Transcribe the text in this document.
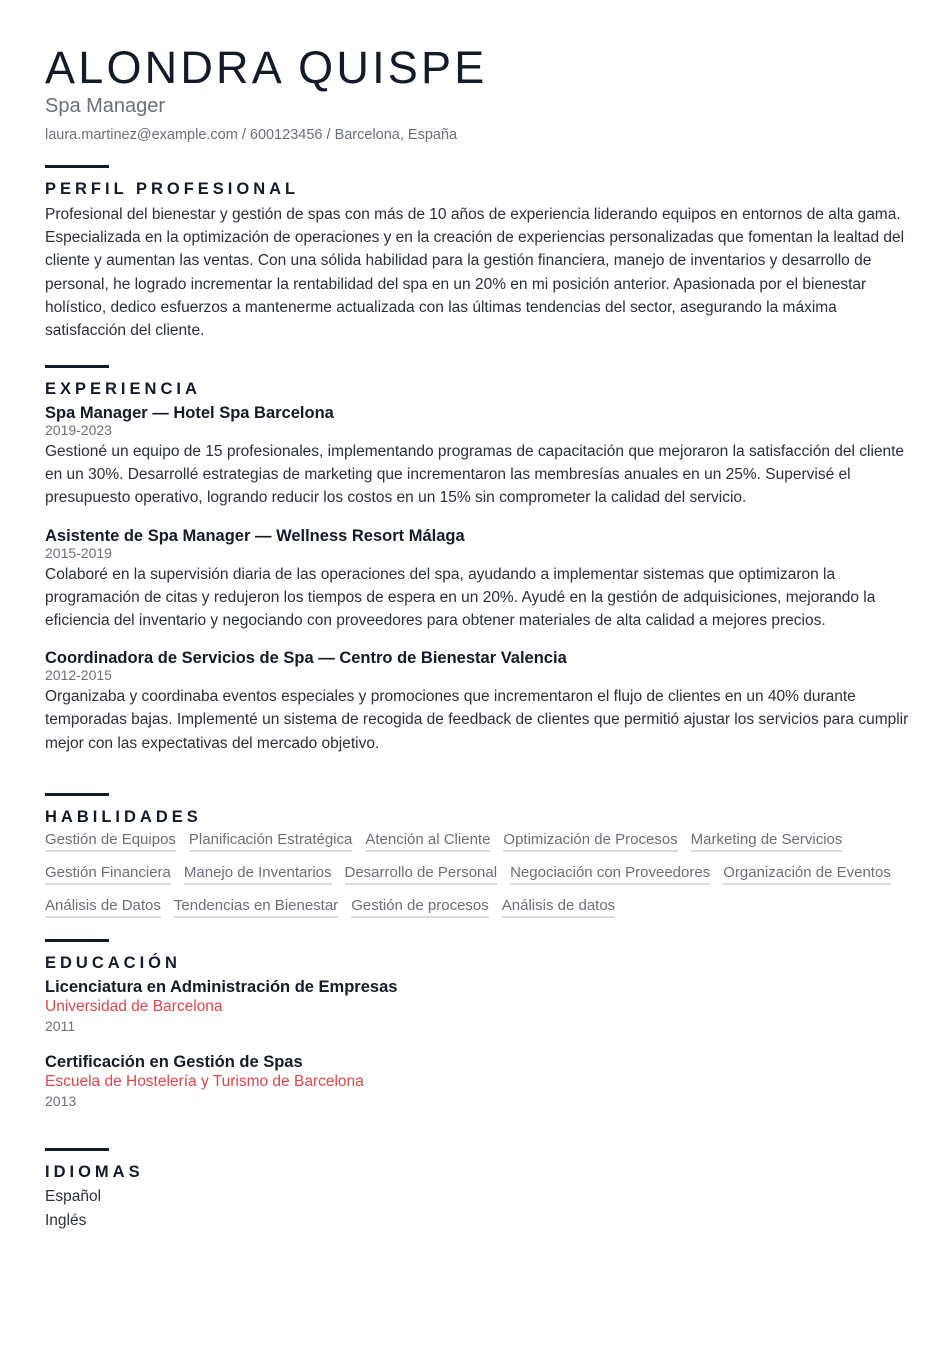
ALONDRA QUISPE
Spa Manager
laura.martinez@example.com / 600123456 / Barcelona, España
PERFIL PROFESIONAL
Profesional del bienestar y gestión de spas con más de 10 años de experiencia liderando equipos en entornos de alta gama. Especializada en la optimización de operaciones y en la creación de experiencias personalizadas que fomentan la lealtad del cliente y aumentan las ventas. Con una sólida habilidad para la gestión financiera, manejo de inventarios y desarrollo de personal, he logrado incrementar la rentabilidad del spa en un 20% en mi posición anterior. Apasionada por el bienestar holístico, dedico esfuerzos a mantenerme actualizada con las últimas tendencias del sector, asegurando la máxima satisfacción del cliente.
EXPERIENCIA
Spa Manager — Hotel Spa Barcelona
2019-2023
Gestioné un equipo de 15 profesionales, implementando programas de capacitación que mejoraron la satisfacción del cliente en un 30%. Desarrollé estrategias de marketing que incrementaron las membresías anuales en un 25%. Supervisé el presupuesto operativo, logrando reducir los costos en un 15% sin comprometer la calidad del servicio.
Asistente de Spa Manager — Wellness Resort Málaga
2015-2019
Colaboré en la supervisión diaria de las operaciones del spa, ayudando a implementar sistemas que optimizaron la programación de citas y redujeron los tiempos de espera en un 20%. Ayudé en la gestión de adquisiciones, mejorando la eficiencia del inventario y negociando con proveedores para obtener materiales de alta calidad a mejores precios.
Coordinadora de Servicios de Spa — Centro de Bienestar Valencia
2012-2015
Organizaba y coordinaba eventos especiales y promociones que incrementaron el flujo de clientes en un 40% durante temporadas bajas. Implementé un sistema de recogida de feedback de clientes que permitió ajustar los servicios para cumplir mejor con las expectativas del mercado objetivo.
HABILIDADES
Gestión de Equipos Planificación Estratégica Atención al Cliente Optimización de Procesos Marketing de Servicios
Gestión Financiera Manejo de Inventarios Desarrollo de Personal Negociación con Proveedores Organización de Eventos
Análisis de Datos Tendencias en Bienestar Gestión de procesos Análisis de datos
EDUCACIÓN
Licenciatura en Administración de Empresas
Universidad de Barcelona
2011
Certificación en Gestión de Spas
Escuela de Hostelería y Turismo de Barcelona
2013
IDIOMAS
Español
Inglés
